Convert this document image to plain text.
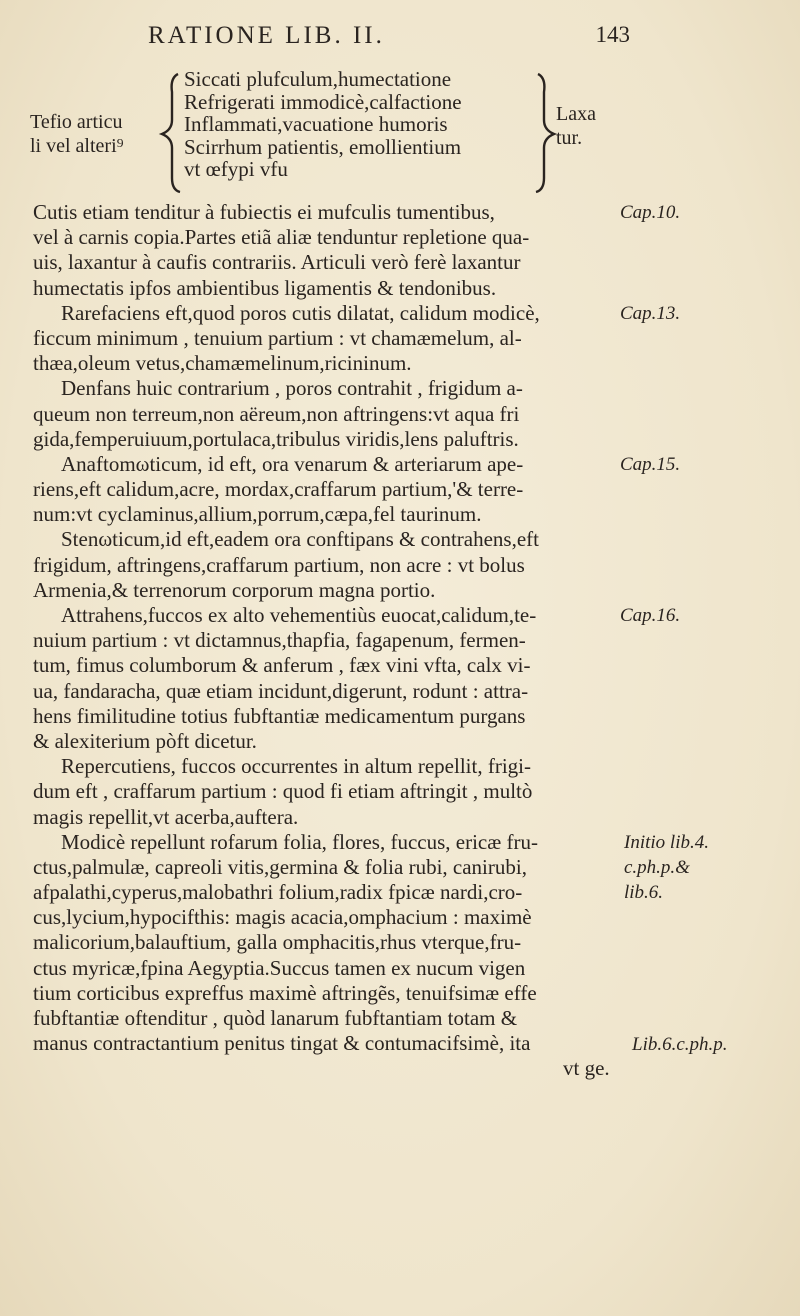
RATIONE LIB. II.	143
Tefio articu
li vel alteri⁹
Siccati plufculum,humectatione
Refrigerati immodicè,calfactione
Inflammati,vacuatione humoris
Scirrhum patientis, emollientium
vt œfypi vfu
Laxa
tur.
Cutis etiam tenditur à fubiectis ei mufculis tumentibus,
vel à carnis copia.Partes etiã aliæ tenduntur repletione qua-
uis, laxantur à caufis contrariis. Articuli verò ferè laxantur
humectatis ipfos ambientibus ligamentis & tendonibus.
Rarefaciens eft,quod poros cutis dilatat, calidum modicè,
ficcum minimum , tenuium partium : vt chamæmelum, al-
thæa,oleum vetus,chamæmelinum,ricininum.
Denfans huic contrarium , poros contrahit , frigidum a-
queum non terreum,non aëreum,non aftringens:vt aqua fri
gida,femperuiuum,portulaca,tribulus viridis,lens paluftris.
Anaftomωticum, id eft, ora venarum & arteriarum ape-
riens,eft calidum,acre, mordax,craffarum partium,'& terre-
num:vt cyclaminus,allium,porrum,cæpa,fel taurinum.
Stenωticum,id eft,eadem ora conftipans & contrahens,eft
frigidum, aftringens,craffarum partium, non acre : vt bolus
Armenia,& terrenorum corporum magna portio.
Attrahens,fuccos ex alto vehementiùs euocat,calidum,te-
nuium partium : vt dictamnus,thapfia, fagapenum, fermen-
tum, fimus columborum & anferum , fæx vini vfta, calx vi-
ua, fandaracha, quæ etiam incidunt,digerunt, rodunt : attra-
hens fimilitudine totius fubftantiæ medicamentum purgans
& alexiterium pòft dicetur.
Repercutiens, fuccos occurrentes in altum repellit, frigi-
dum eft , craffarum partium : quod fi etiam aftringit , multò
magis repellit,vt acerba,auftera.
Modicè repellunt rofarum folia, flores, fuccus, ericæ fru-
ctus,palmulæ, capreoli vitis,germina & folia rubi, canirubi,
afpalathi,cyperus,malobathri folium,radix fpicæ nardi,cro-
cus,lycium,hypocifthis: magis acacia,omphacium : maximè
malicorium,balauftium, galla omphacitis,rhus vterque,fru-
ctus myricæ,fpina Aegyptia.Succus tamen ex nucum vigen
tium corticibus expreffus maximè aftringẽs, tenuifsimæ effe
fubftantiæ oftenditur , quòd lanarum fubftantiam totam &
manus contractantium penitus tingat & contumacifsimè, ita
vt ge.
Cap.10.
Cap.13.
Cap.15.
Cap.16.
Initio lib.4.
c.ph.p.&
lib.6.
Lib.6.c.ph.p.
